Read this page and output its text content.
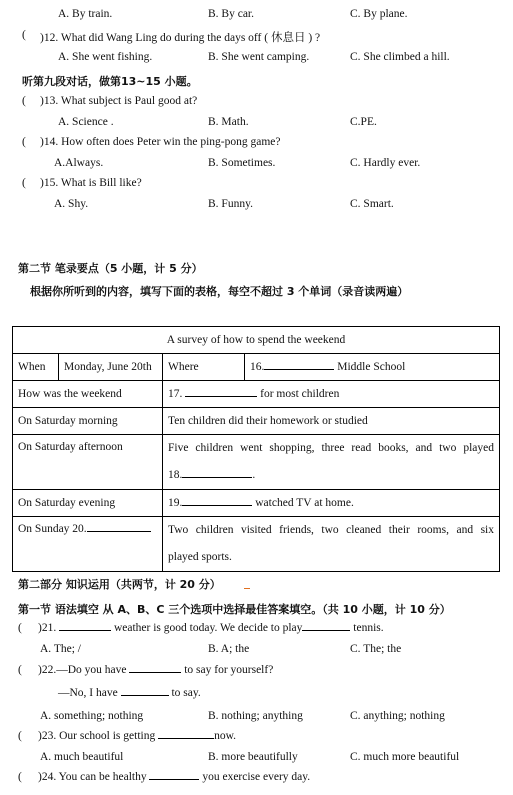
A. By train.	B. By car.	C. By plane.
( )12. What did Wang Ling do during the days off ( 休息日 ) ?
A. She went fishing.	B. She went camping.	C. She climbed a hill.
听第九段对话，做第13~15 小题。
( )13. What subject is Paul good at?
A. Science .	B. Math.	C.PE.
( )14. How often does Peter win the ping-pong game?
A.Always.	B. Sometimes.	C. Hardly ever.
( )15. What is Bill like?
A. Shy.	B. Funny.	C. Smart.
第二节 笔录要点（5 小题，计 5 分）
根据你所听到的内容，填写下面的表格，每空不超过 3 个单词（录音读两遍）
A survey of how to spend the weekend			
When	Monday, June 20th	Where	16. Middle School
How was the weekend		17. for most children	
On Saturday morning		Ten children did their homework or studied	
On Saturday afternoon		Five children went shopping, three read books, and two played
18. .	

On Saturday evening		19. watched TV at home.	
On Sunday 20.		Two children visited friends, two cleaned their rooms, and six
played sports.	
第二部分 知识运用（共两节，计 20 分）
第一节 语法填空 从 A、B、C 三个选项中选择最佳答案填空。（共 10 小题，计 10 分）
( )21.	weather is good today. We decide to play	tennis.
A. The; /	B. A; the	C. The; the
( )22.—Do you have	to say for yourself?
—No, I have	to say.
A. something; nothing	B. nothing; anything	C. anything; nothing
( )23. Our school is getting	now.
A. much beautiful	B. more beautifully	C. much more beautiful
( )24. You can be healthy	you exercise every day.
